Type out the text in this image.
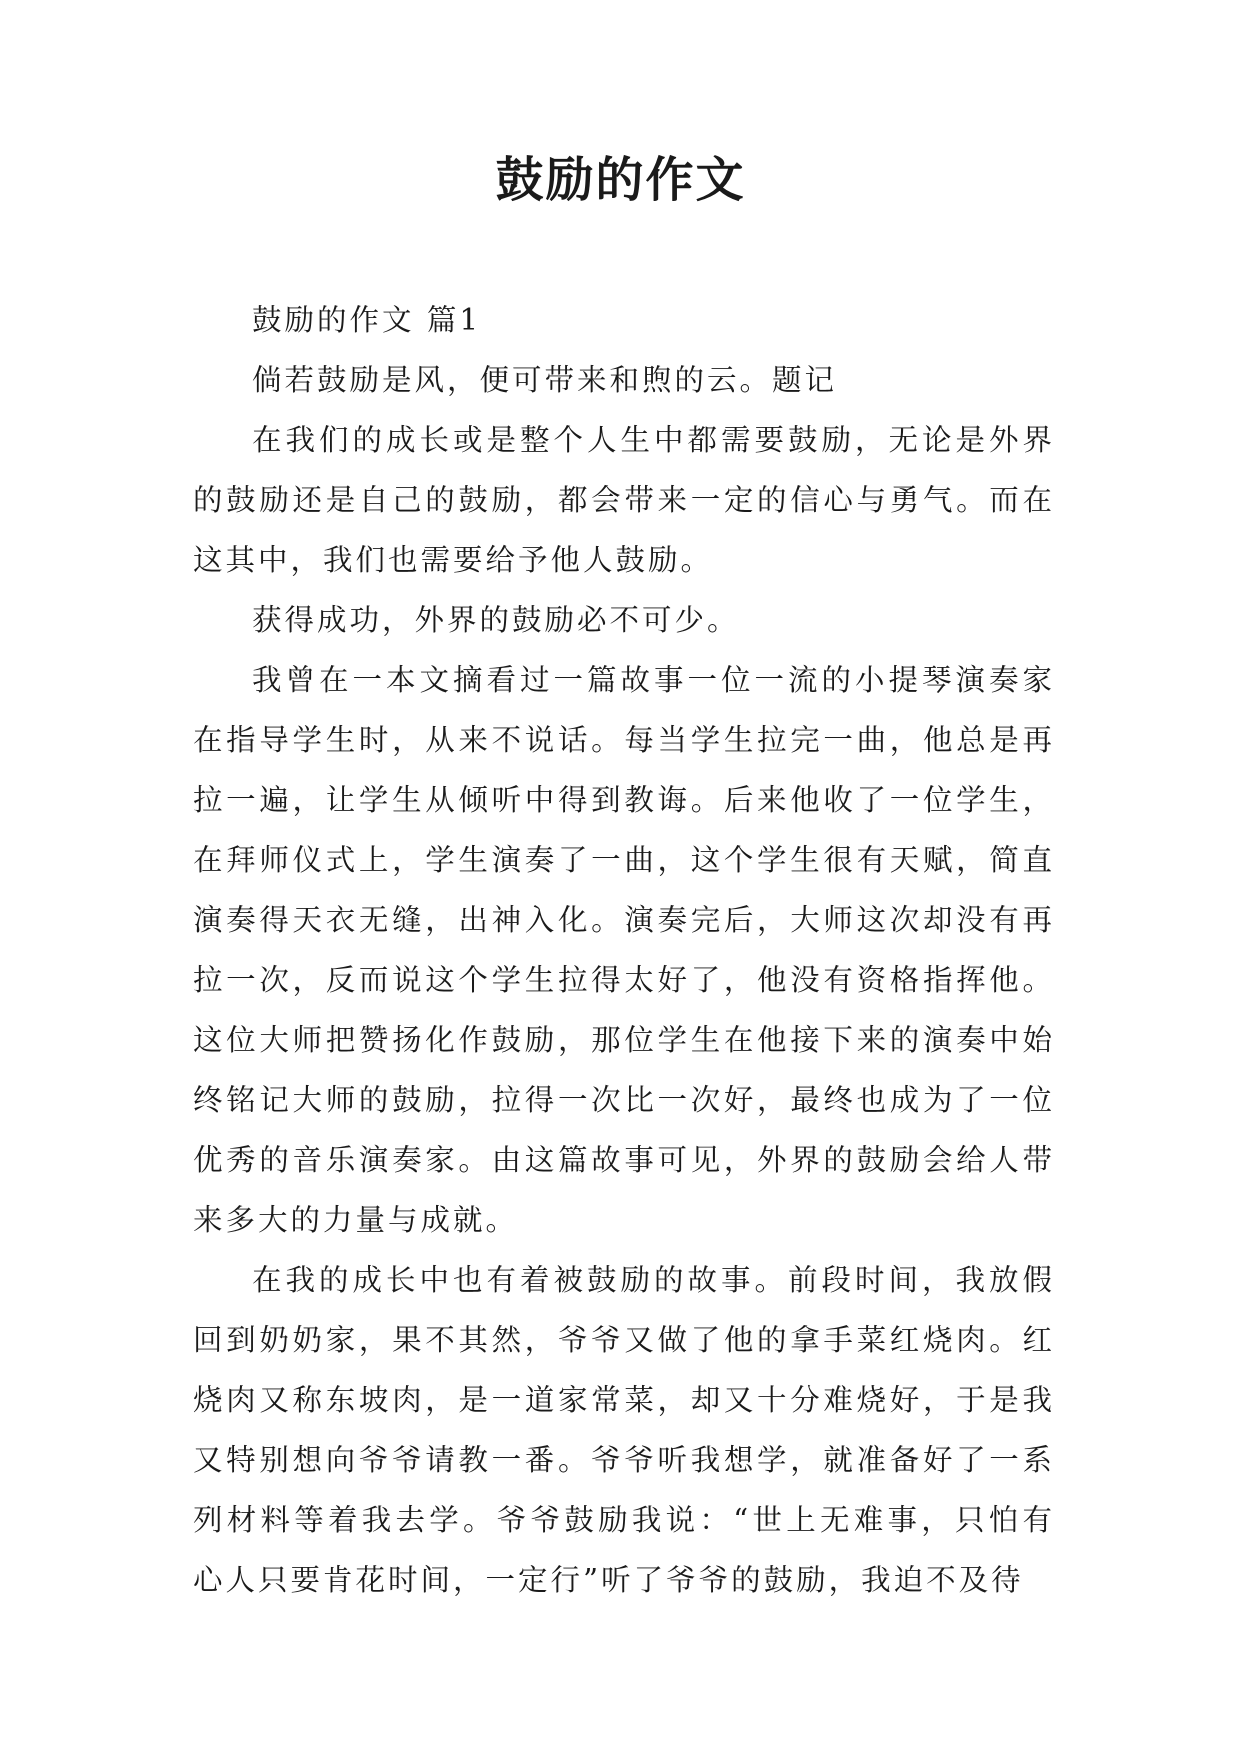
鼓励的作文

鼓励的作文 篇1

倘若鼓励是风，便可带来和煦的云。题记

在我们的成长或是整个人生中都需要鼓励，无论是外界的鼓励还是自己的鼓励，都会带来一定的信心与勇气。而在这其中，我们也需要给予他人鼓励。

获得成功，外界的鼓励必不可少。

我曾在一本文摘看过一篇故事一位一流的小提琴演奏家在指导学生时，从来不说话。每当学生拉完一曲，他总是再拉一遍，让学生从倾听中得到教诲。后来他收了一位学生，在拜师仪式上，学生演奏了一曲，这个学生很有天赋，简直演奏得天衣无缝，出神入化。演奏完后，大师这次却没有再拉一次，反而说这个学生拉得太好了，他没有资格指挥他。这位大师把赞扬化作鼓励，那位学生在他接下来的演奏中始终铭记大师的鼓励，拉得一次比一次好，最终也成为了一位优秀的音乐演奏家。由这篇故事可见，外界的鼓励会给人带来多大的力量与成就。

在我的成长中也有着被鼓励的故事。前段时间，我放假回到奶奶家，果不其然，爷爷又做了他的拿手菜红烧肉。红烧肉又称东坡肉，是一道家常菜，却又十分难烧好，于是我又特别想向爷爷请教一番。爷爷听我想学，就准备好了一系列材料等着我去学。爷爷鼓励我说：“世上无难事，只怕有心人只要肯花时间，一定行”听了爷爷的鼓励，我迫不及待
